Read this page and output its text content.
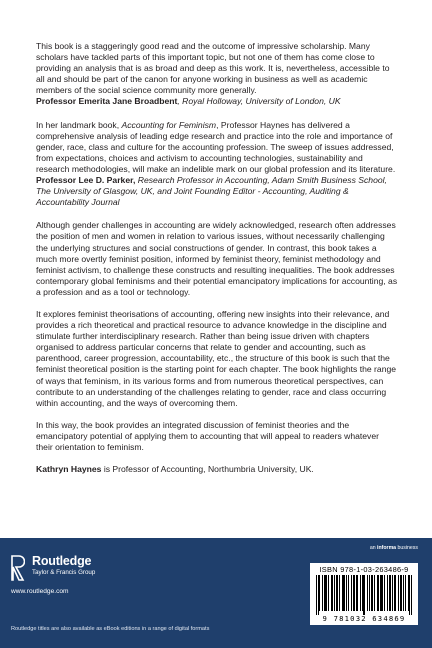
This book is a staggeringly good read and the outcome of impressive scholarship. Many scholars have tackled parts of this important topic, but not one of them has come close to providing an analysis that is as broad and deep as this work. It is, nevertheless, accessible to all and should be part of the canon for anyone working in business as well as academic members of the social science community more generally.

Professor Emerita Jane Broadbent, Royal Holloway, University of London, UK

In her landmark book, Accounting for Feminism, Professor Haynes has delivered a comprehensive analysis of leading edge research and practice into the role and importance of gender, race, class and culture for the accounting profession. The sweep of issues addressed, from expectations, choices and activism to accounting technologies, sustainability and research methodologies, will make an indelible mark on our global profession and its literature.

Professor Lee D. Parker, Research Professor in Accounting, Adam Smith Business School, The University of Glasgow, UK, and Joint Founding Editor - Accounting, Auditing & Accountability Journal

Although gender challenges in accounting are widely acknowledged, research often addresses the position of men and women in relation to various issues, without necessarily challenging the underlying structures and social constructions of gender. In contrast, this book takes a much more overtly feminist position, informed by feminist theory, feminist methodology and feminist activism, to challenge these constructs and resulting inequalities. The book addresses contemporary global feminisms and their potential emancipatory implications for accounting, as a profession and as a tool or technology.

It explores feminist theorisations of accounting, offering new insights into their relevance, and provides a rich theoretical and practical resource to advance knowledge in the discipline and stimulate further interdisciplinary research. Rather than being issue driven with chapters organised to address particular concerns that relate to gender and accounting, such as parenthood, career progression, accountability, etc., the structure of this book is such that the feminist theoretical position is the starting point for each chapter. The book highlights the range of ways that feminism, in its various forms and from numerous theoretical perspectives, can contribute to an understanding of the challenges relating to gender, race and class occurring within accounting, and the ways of overcoming them.

In this way, the book provides an integrated discussion of feminist theories and the emancipatory potential of applying them to accounting that will appeal to readers whatever their orientation to feminism.

Kathryn Haynes is Professor of Accounting, Northumbria University, UK.

an informa business
Routledge
Taylor & Francis Group
www.routledge.com
Routledge titles are also available as eBook editions in a range of digital formats
ISBN 978-1-03-263486-9
9 781032 634869
